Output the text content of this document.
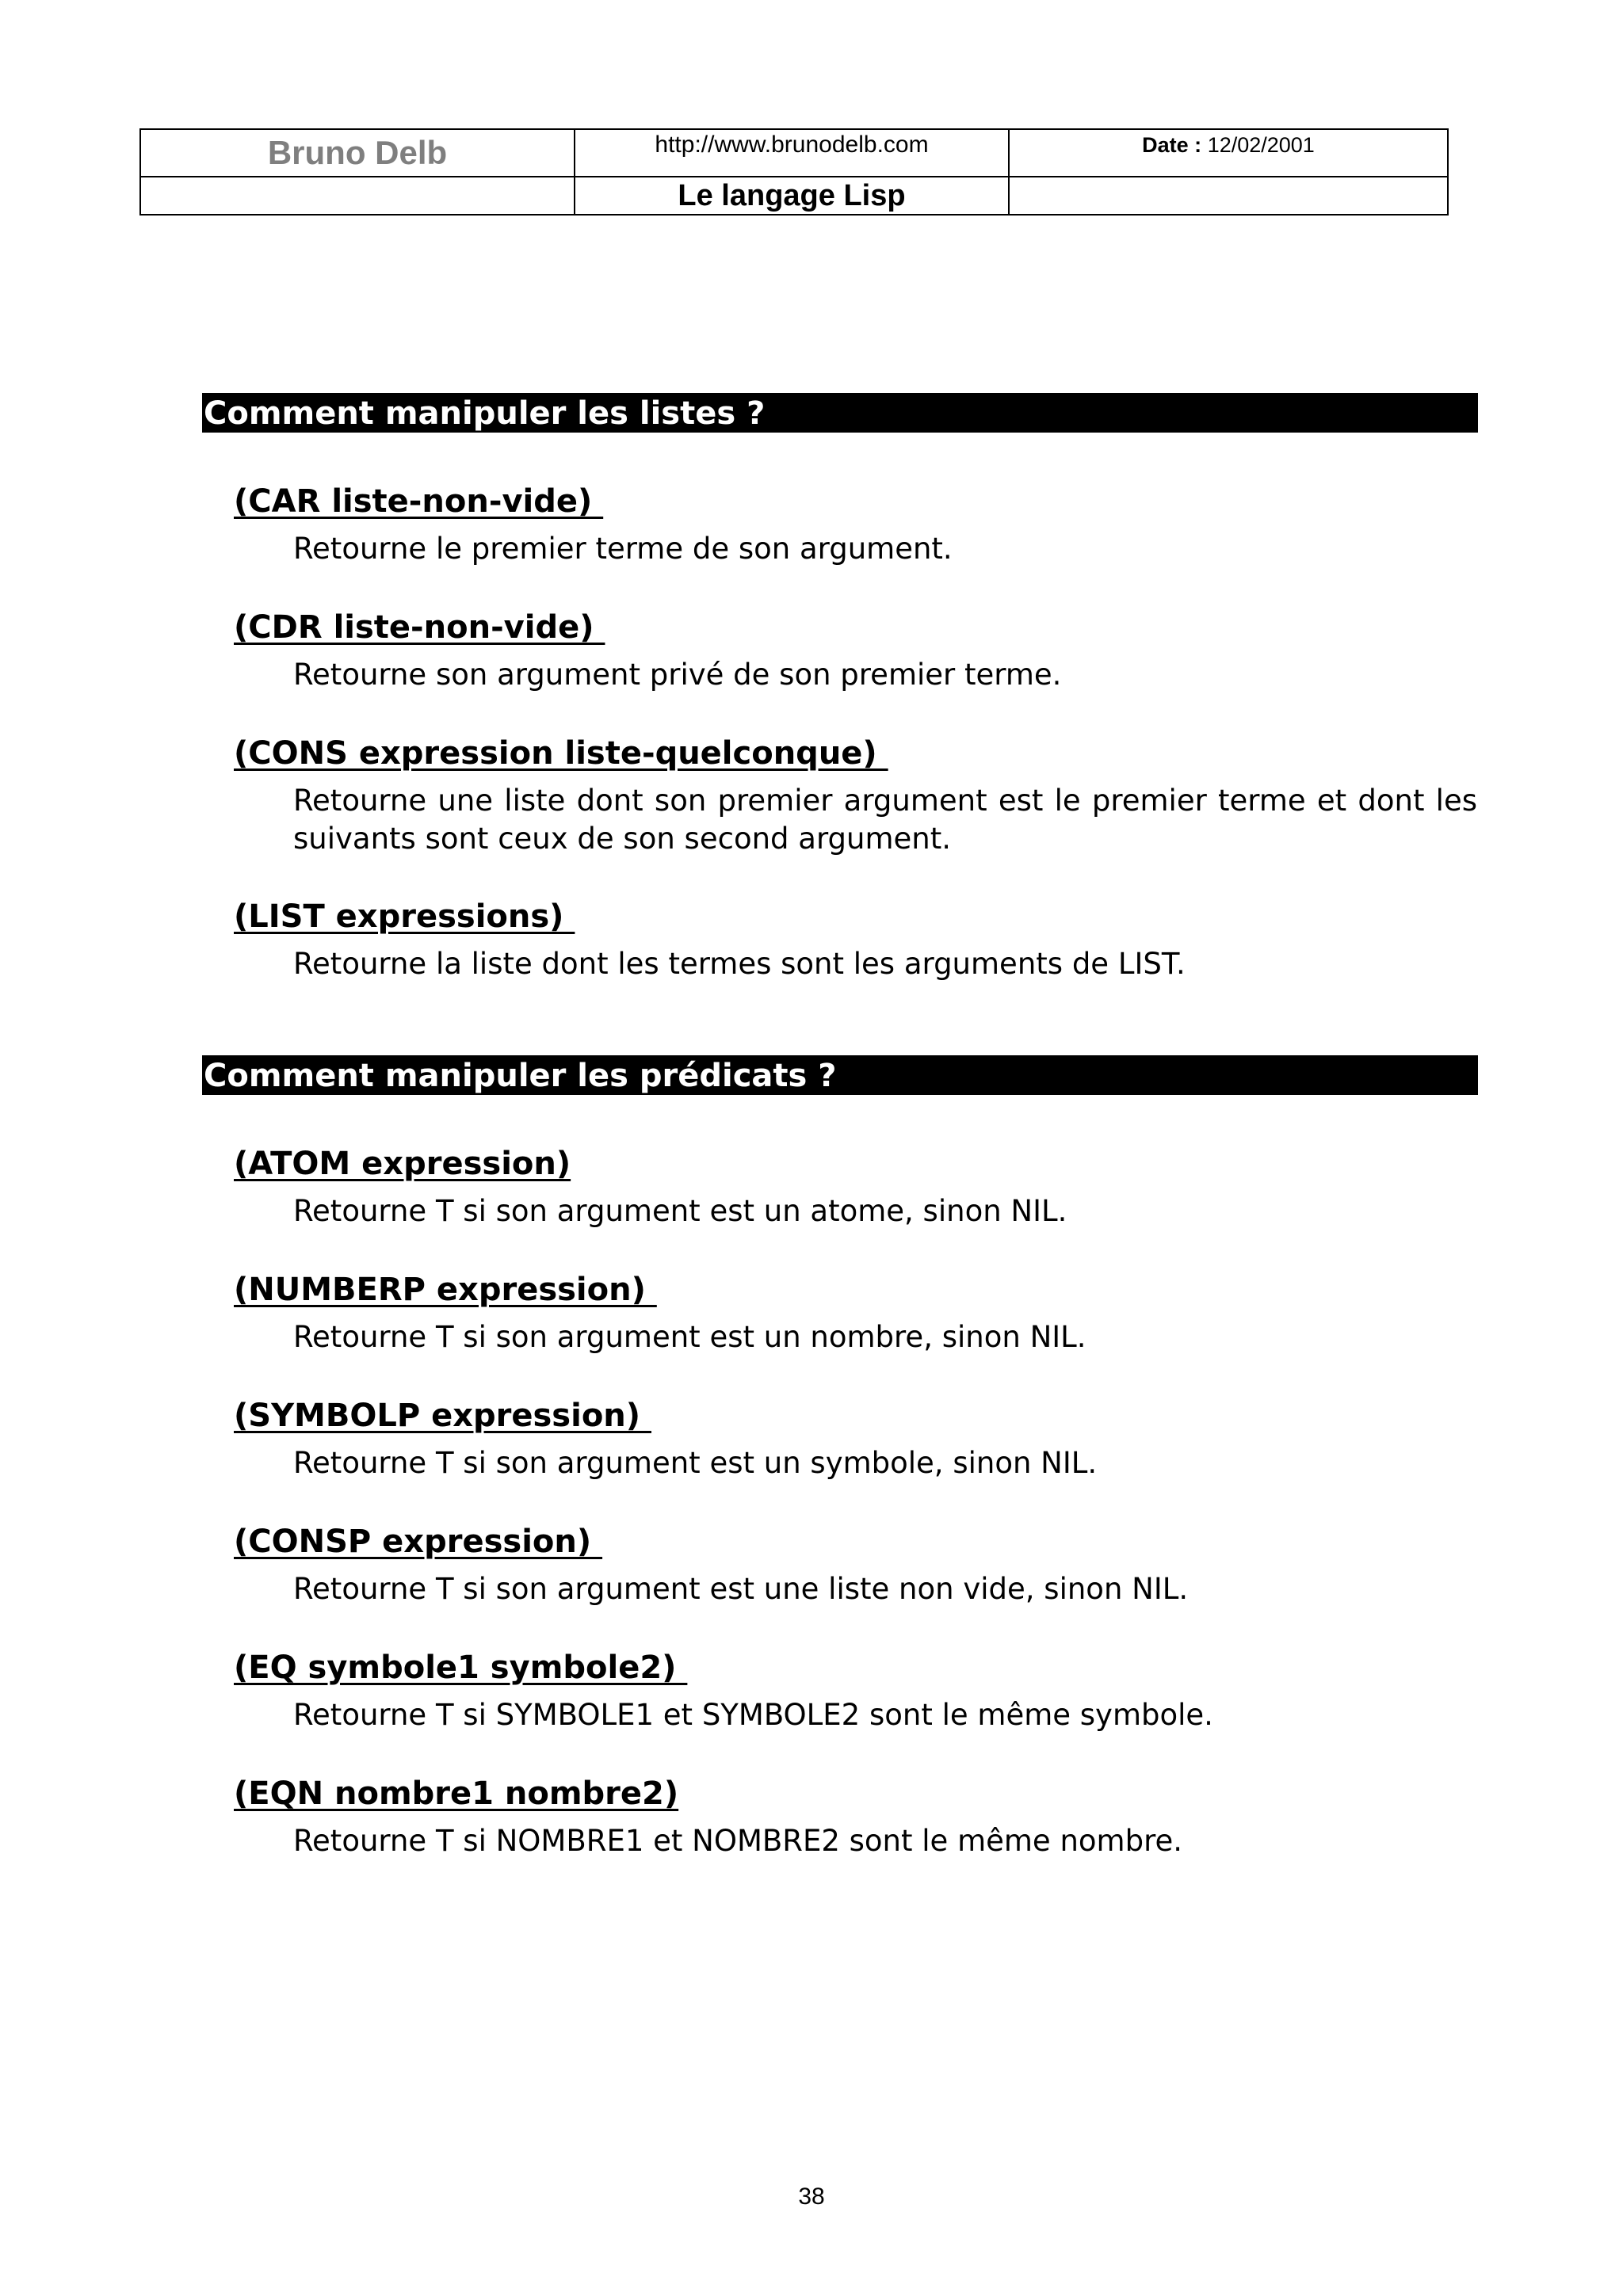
Bruno Delb	http://www.brunodelb.com	Date : 12/02/2001
	Le langage Lisp	
Comment manipuler les listes ?
(CAR liste-non-vide)
Retourne le premier terme de son argument.
(CDR liste-non-vide)
Retourne son argument privé de son premier terme.
(CONS expression liste-quelconque)
Retourne une liste dont son premier argument est le premier terme et dont les suivants sont ceux de son second argument.
(LIST expressions)
Retourne la liste dont les termes sont les arguments de LIST.
Comment manipuler les prédicats ?
(ATOM expression)
Retourne T si son argument est un atome, sinon NIL.
(NUMBERP expression)
Retourne T si son argument est un nombre, sinon NIL.
(SYMBOLP expression)
Retourne T si son argument est un symbole, sinon NIL.
(CONSP expression)
Retourne T si son argument est une liste non vide, sinon NIL.
(EQ symbole1 symbole2)
Retourne T si SYMBOLE1 et SYMBOLE2 sont le même symbole.
(EQN nombre1 nombre2)
Retourne T si NOMBRE1 et NOMBRE2 sont le même nombre.
38
